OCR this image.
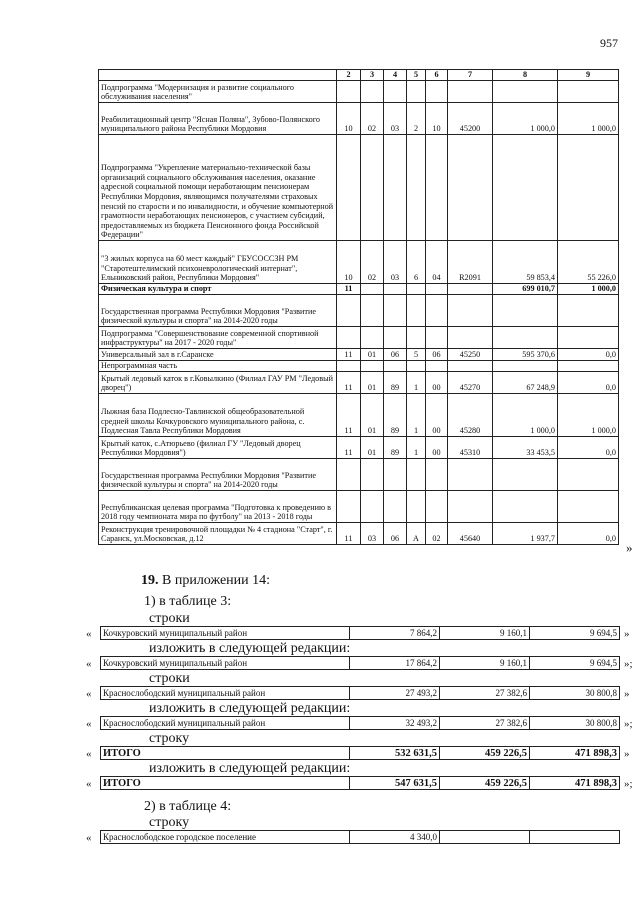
957
	2	3	4	5	6	7	8	9
Подпрограмма "Модернизация и развитие социального обслуживания населения"								
Реабилитационный центр "Ясная Поляна", Зубово-Полянского муниципального района Республики Мордовия	10	02	03	2	10	45200	1 000,0	1 000,0
Подпрограмма "Укрепление материально-технической базы организаций социального обслуживания населения, оказание адресной социальной помощи неработающим пенсионерам Республики Мордовия, являющимся получателями страховых пенсий по старости и по инвалидности, и обучение компьютерной грамотности неработающих пенсионеров, с участием субсидий, предоставляемых из бюджета Пенсионного фонда Российской Федерации"								
"3 жилых корпуса на 60 мест каждый" ГБУСОССЗН РМ "Старотештелимский психоневрологический интернат", Ельниковский район, Республики Мордовия"	10	02	03	6	04	R2091	59 853,4	55 226,0
Физическая культура и спорт	11						699 010,7	1 000,0
Государственная программа Республики Мордовия "Развитие физической культуры и спорта" на 2014-2020 годы								
Подпрограмма "Совершенствование современной спортивной инфраструктуры" на 2017 - 2020 годы"								
Универсальный зал в г.Саранске	11	01	06	5	06	45250	595 370,6	0,0
Непрограммная часть								
Крытый ледовый каток в г.Ковылкино (Филиал ГАУ РМ "Ледовый дворец")	11	01	89	1	00	45270	67 248,9	0,0
Лыжная база Подлесно-Тавлинской общеобразовательной средней школы Кочкуровского муниципального района, с. Подлесная Тавла Республики Мордовия	11	01	89	1	00	45280	1 000,0	1 000,0
Крытый каток, с.Атюрьево (филиал ГУ "Ледовый дворец Республики Мордовия")	11	01	89	1	00	45310	33 453,5	0,0
Государственная программа Республики Мордовия "Развитие физической культуры и спорта" на 2014-2020 годы								
Республиканская целевая программа "Подготовка к проведению в 2018 году чемпионата мира по футболу" на 2013 - 2018 годы								
Реконструкция тренировочной площадки № 4 стадиона "Старт", г. Саранск, ул.Московская, д.12	11	03	06	А	02	45640	1 937,7	0,0
»
19. В приложении 14:
1) в таблице 3:
строки
« Кочкуровский муниципальный район	7 864,2	9 160,1	9 694,5 »
изложить в следующей редакции:
« Кочкуровский муниципальный район	17 864,2	9 160,1	9 694,5 »;
строки
« Краснослободский муниципальный район	27 493,2	27 382,6	30 800,8 »
изложить в следующей редакции:
« Краснослободский муниципальный район	32 493,2	27 382,6	30 800,8 »;
строку
« ИТОГО	532 631,5	459 226,5	471 898,3 »
изложить в следующей редакции:
« ИТОГО	547 631,5	459 226,5	471 898,3 »;
2) в таблице 4:
строку
« Краснослободское городское поселение	4 340,0		
